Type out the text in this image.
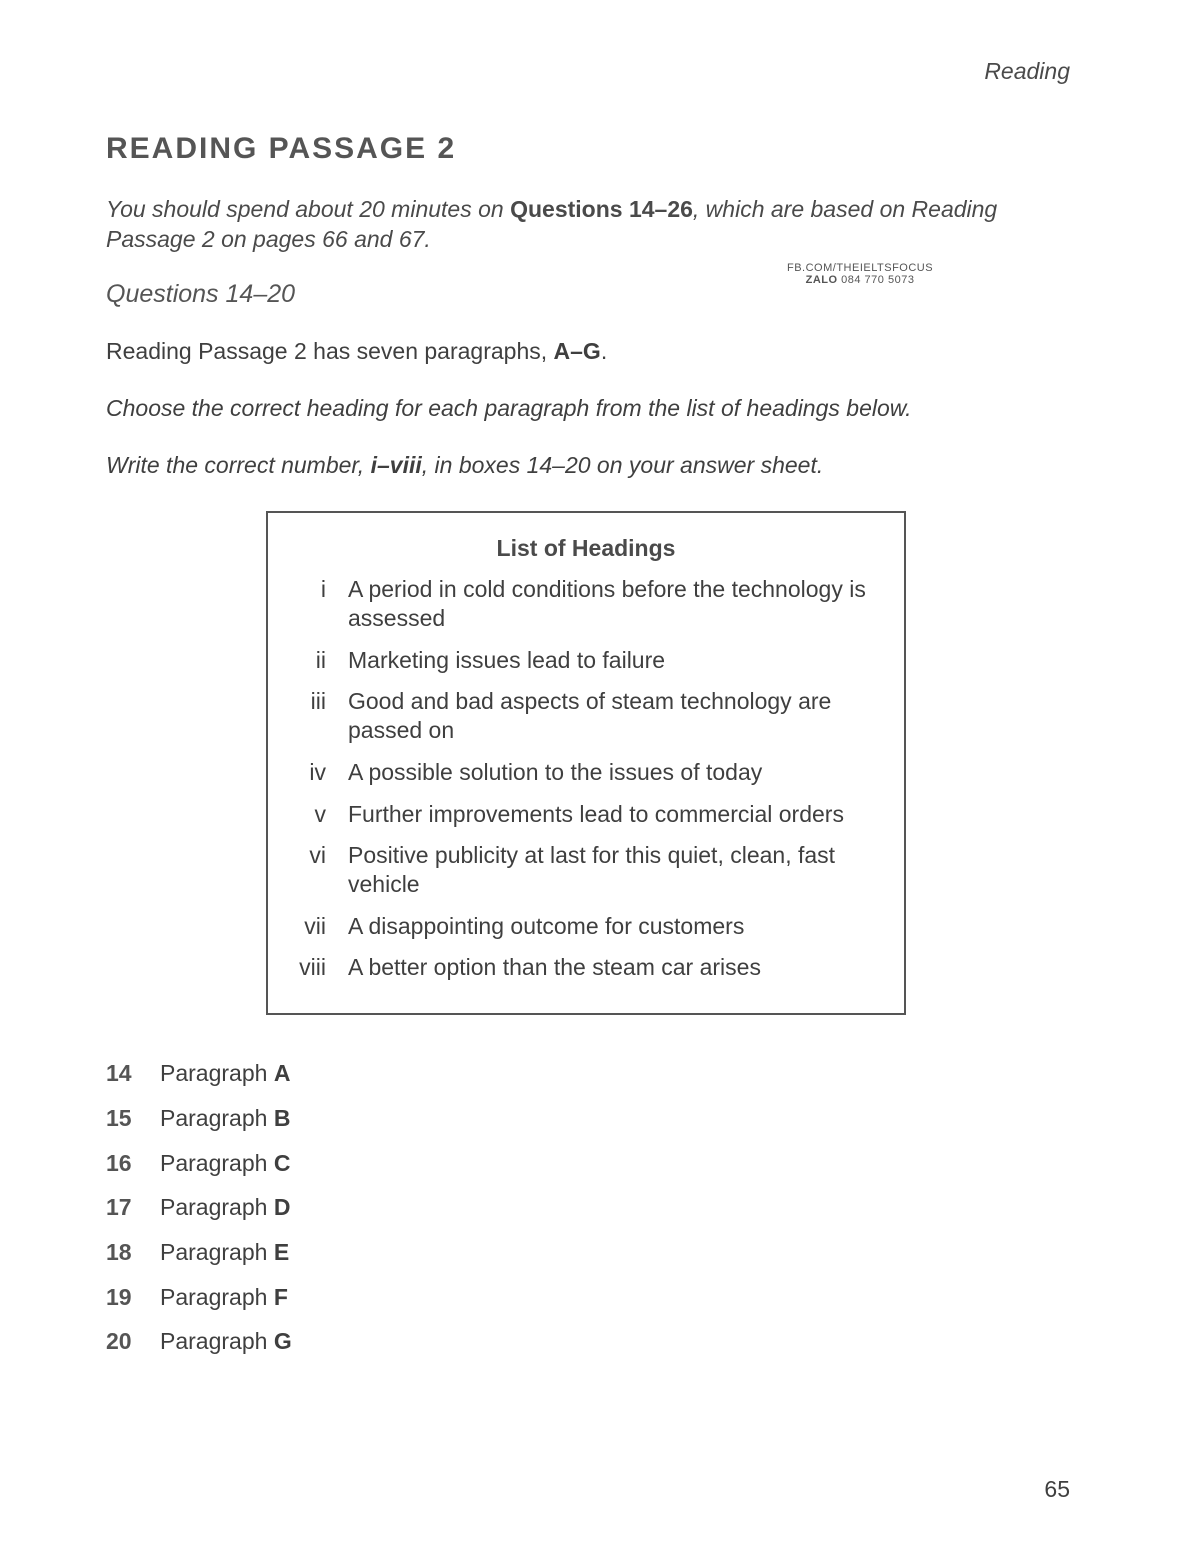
Reading
READING PASSAGE 2
You should spend about 20 minutes on Questions 14–26, which are based on Reading Passage 2 on pages 66 and 67.
FB.COM/THEIELTSFOCUS
ZALO 084 770 5073
Questions 14–20
Reading Passage 2 has seven paragraphs, A–G.
Choose the correct heading for each paragraph from the list of headings below.
Write the correct number, i–viii, in boxes 14–20 on your answer sheet.
List of Headings
i A period in cold conditions before the technology is assessed
ii Marketing issues lead to failure
iii Good and bad aspects of steam technology are passed on
iv A possible solution to the issues of today
v Further improvements lead to commercial orders
vi Positive publicity at last for this quiet, clean, fast vehicle
vii A disappointing outcome for customers
viii A better option than the steam car arises
14 Paragraph A
15 Paragraph B
16 Paragraph C
17 Paragraph D
18 Paragraph E
19 Paragraph F
20 Paragraph G
65
